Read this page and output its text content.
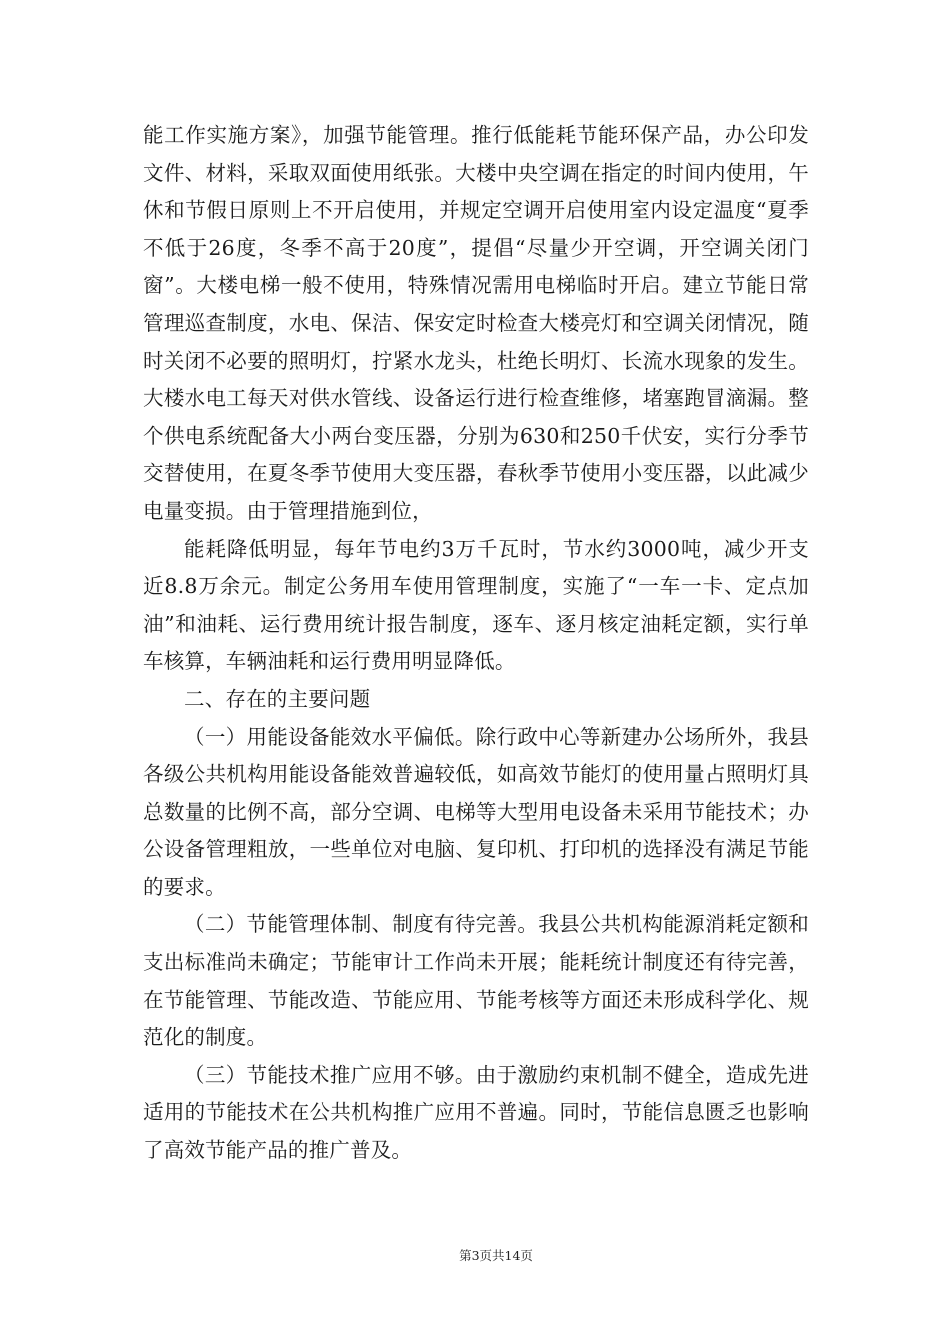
能工作实施方案》，加强节能管理。推行低能耗节能环保产品，办公印发文件、材料，采取双面使用纸张。大楼中央空调在指定的时间内使用，午休和节假日原则上不开启使用，并规定空调开启使用室内设定温度“夏季不低于26度，冬季不高于20度”，提倡“尽量少开空调，开空调关闭门窗”。大楼电梯一般不使用，特殊情况需用电梯临时开启。建立节能日常管理巡查制度，水电、保洁、保安定时检查大楼亮灯和空调关闭情况，随时关闭不必要的照明灯，拧紧水龙头，杜绝长明灯、长流水现象的发生。大楼水电工每天对供水管线、设备运行进行检查维修，堵塞跑冒滴漏。整个供电系统配备大小两台变压器，分别为630和250千伏安，实行分季节交替使用，在夏冬季节使用大变压器，春秋季节使用小变压器，以此减少电量变损。由于管理措施到位，

能耗降低明显，每年节电约3万千瓦时，节水约3000吨，减少开支近8.8万余元。制定公务用车使用管理制度，实施了“一车一卡、定点加油”和油耗、运行费用统计报告制度，逐车、逐月核定油耗定额，实行单车核算，车辆油耗和运行费用明显降低。

二、存在的主要问题

（一）用能设备能效水平偏低。除行政中心等新建办公场所外，我县各级公共机构用能设备能效普遍较低，如高效节能灯的使用量占照明灯具总数量的比例不高，部分空调、电梯等大型用电设备未采用节能技术；办公设备管理粗放，一些单位对电脑、复印机、打印机的选择没有满足节能的要求。

（二）节能管理体制、制度有待完善。我县公共机构能源消耗定额和支出标准尚未确定；节能审计工作尚未开展；能耗统计制度还有待完善，在节能管理、节能改造、节能应用、节能考核等方面还未形成科学化、规范化的制度。

（三）节能技术推广应用不够。由于激励约束机制不健全，造成先进适用的节能技术在公共机构推广应用不普遍。同时，节能信息匮乏也影响了高效节能产品的推广普及。

第3页共14页
